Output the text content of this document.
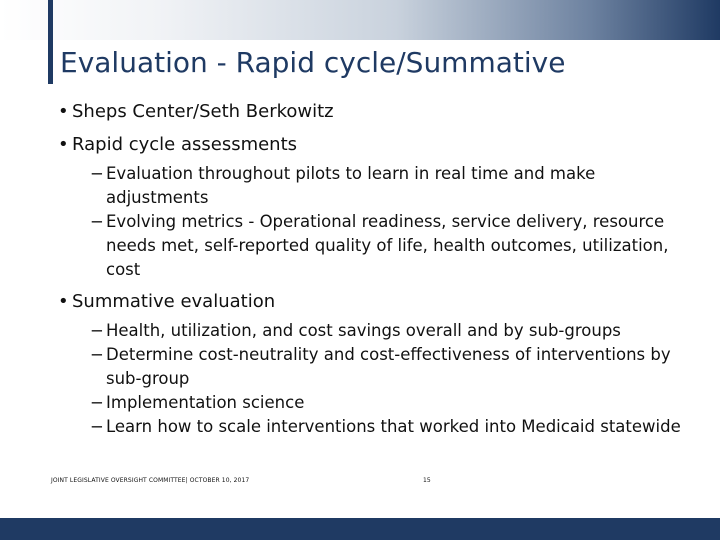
Evaluation - Rapid cycle/Summative
• Sheps Center/Seth Berkowitz
• Rapid cycle assessments
− Evaluation throughout pilots to learn in real time and make adjustments
− Evolving metrics - Operational readiness, service delivery, resource needs met, self-reported quality of life, health outcomes, utilization, cost
• Summative evaluation
− Health, utilization, and cost savings overall and by sub-groups
− Determine cost-neutrality and cost-effectiveness of interventions by sub-group
− Implementation science
− Learn how to scale interventions that worked into Medicaid statewide
JOINT LEGISLATIVE OVERSIGHT COMMITTEE| OCTOBER 10, 2017	15
